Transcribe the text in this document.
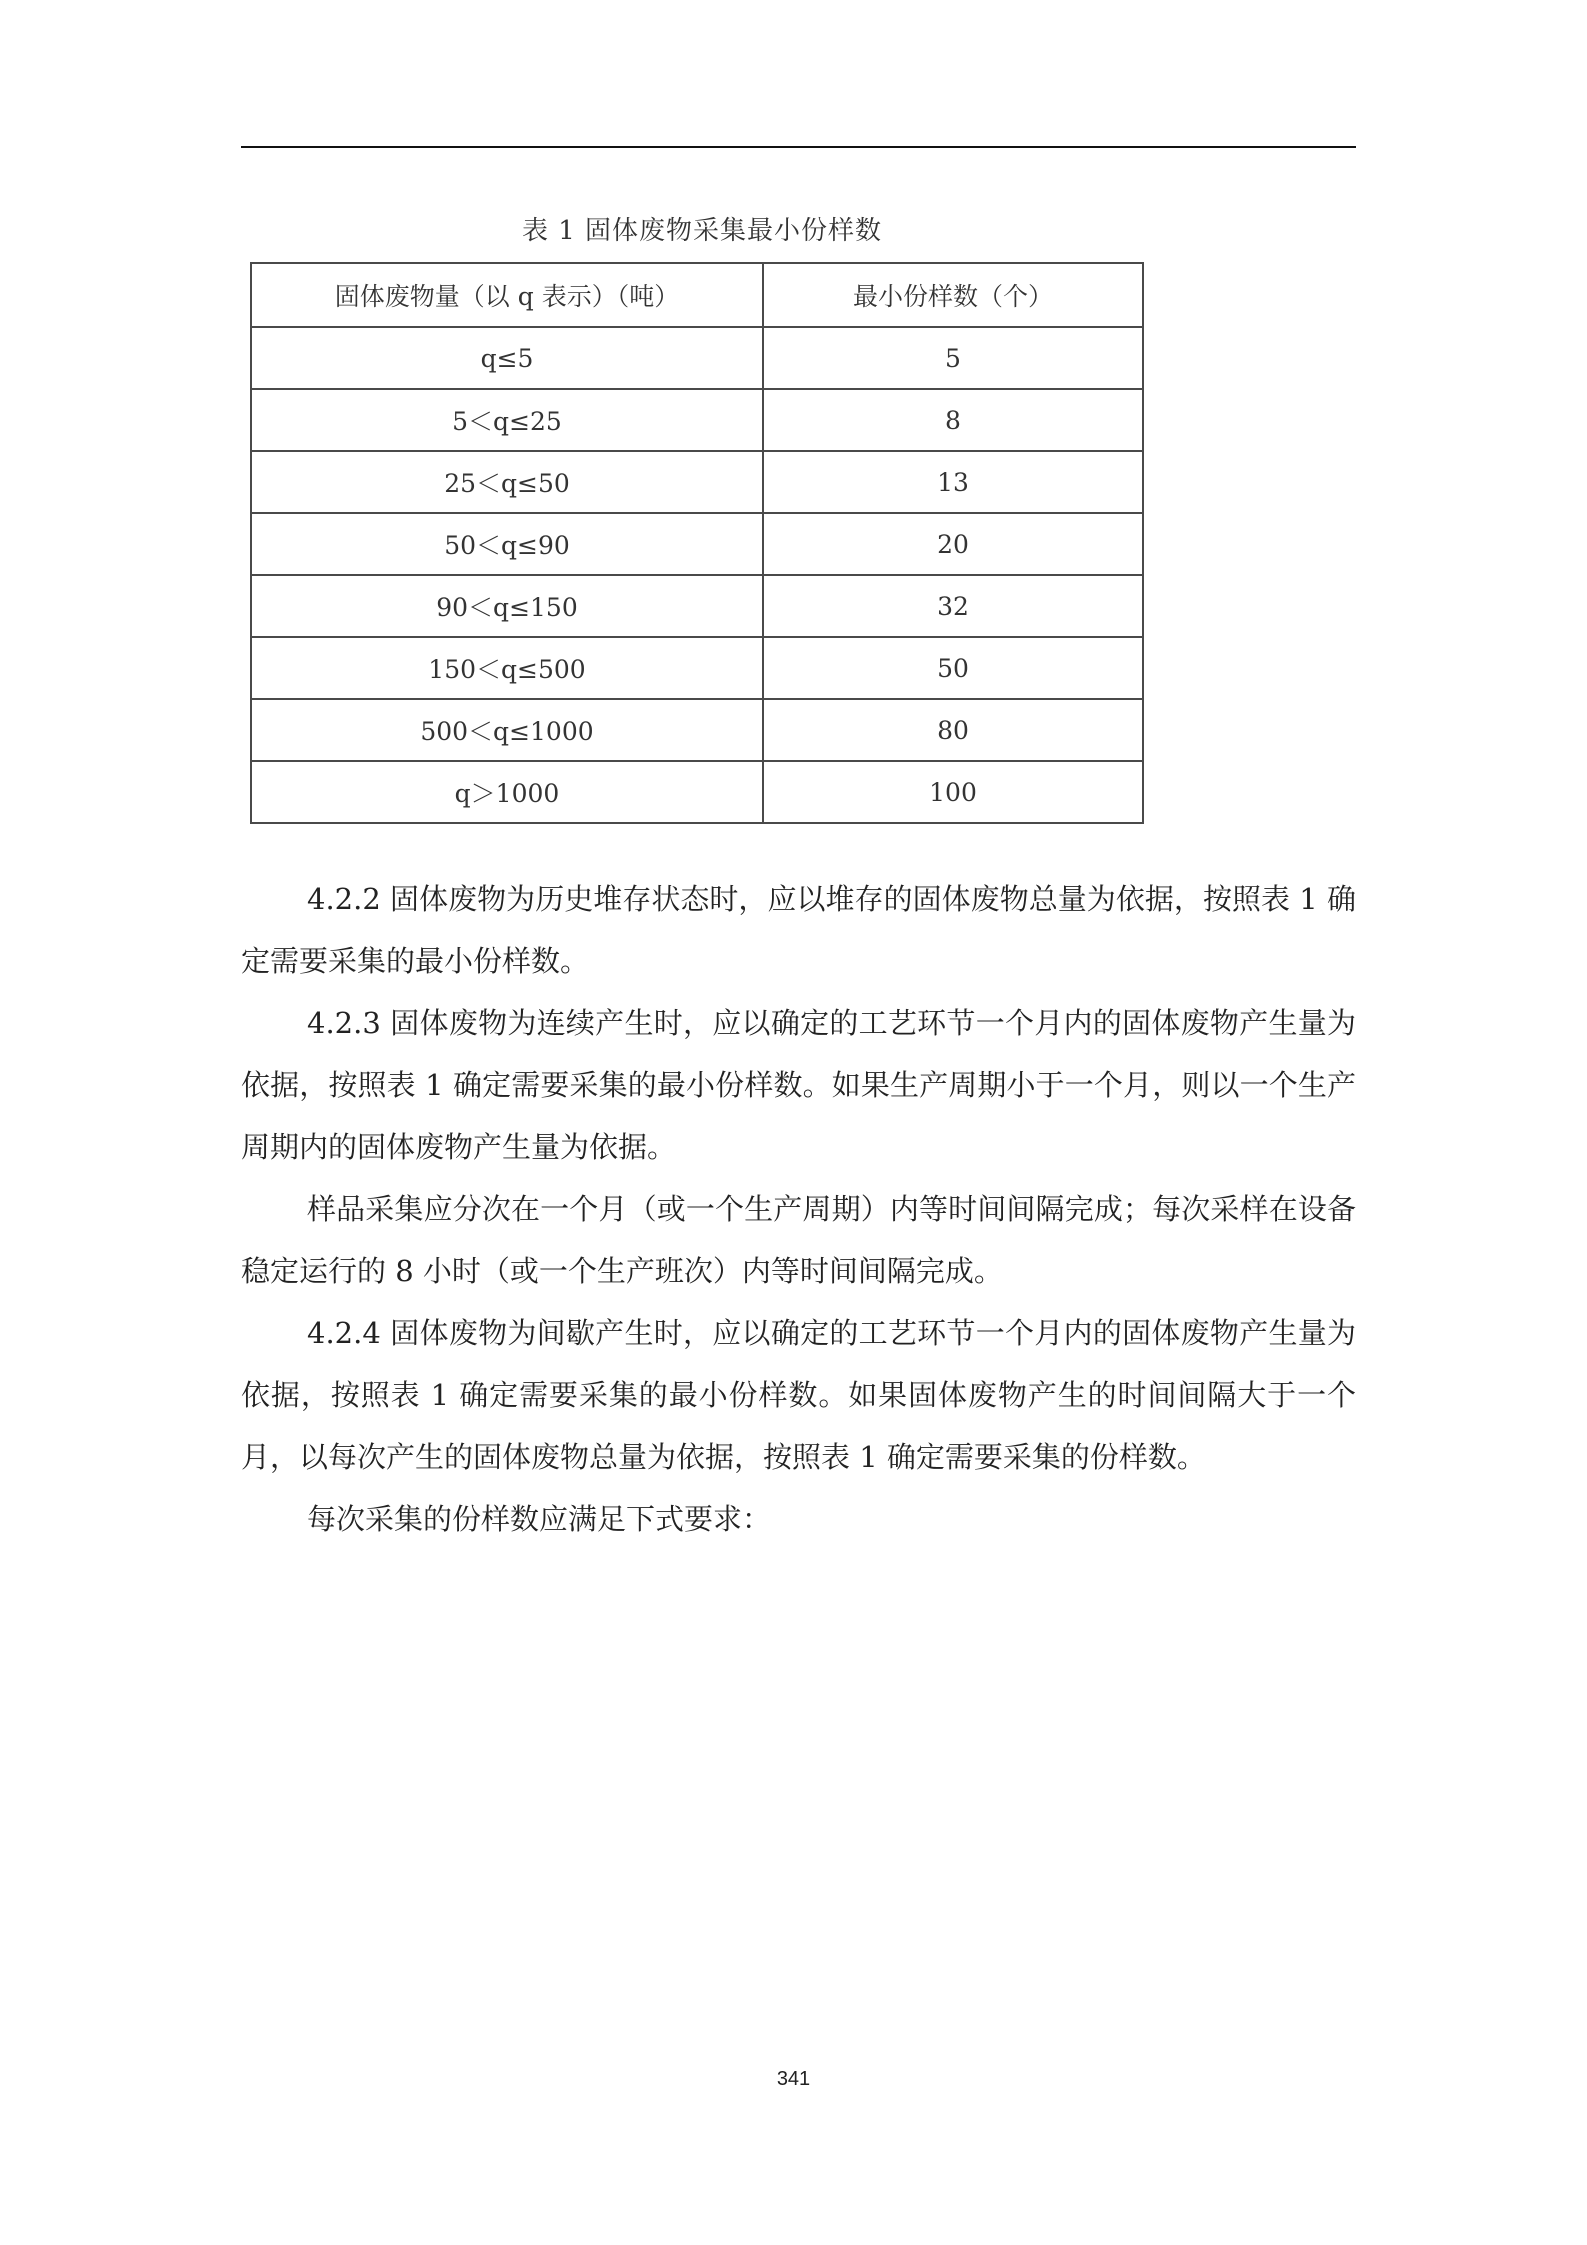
表 1 固体废物采集最小份样数
固体废物量（以 q 表示）（吨）	最小份样数（个）
q≤5	5
5＜q≤25	8
25＜q≤50	13
50＜q≤90	20
90＜q≤150	32
150＜q≤500	50
500＜q≤1000	80
q＞1000	100

4.2.2 固体废物为历史堆存状态时，应以堆存的固体废物总量为依据，按照表 1 确定需要采集的最小份样数。

4.2.3 固体废物为连续产生时，应以确定的工艺环节一个月内的固体废物产生量为依据，按照表 1 确定需要采集的最小份样数。如果生产周期小于一个月，则以一个生产周期内的固体废物产生量为依据。

样品采集应分次在一个月（或一个生产周期）内等时间间隔完成；每次采样在设备稳定运行的 8 小时（或一个生产班次）内等时间间隔完成。

4.2.4 固体废物为间歇产生时，应以确定的工艺环节一个月内的固体废物产生量为依据，按照表 1 确定需要采集的最小份样数。如果固体废物产生的时间间隔大于一个月，以每次产生的固体废物总量为依据，按照表 1 确定需要采集的份样数。

每次采集的份样数应满足下式要求：

341
